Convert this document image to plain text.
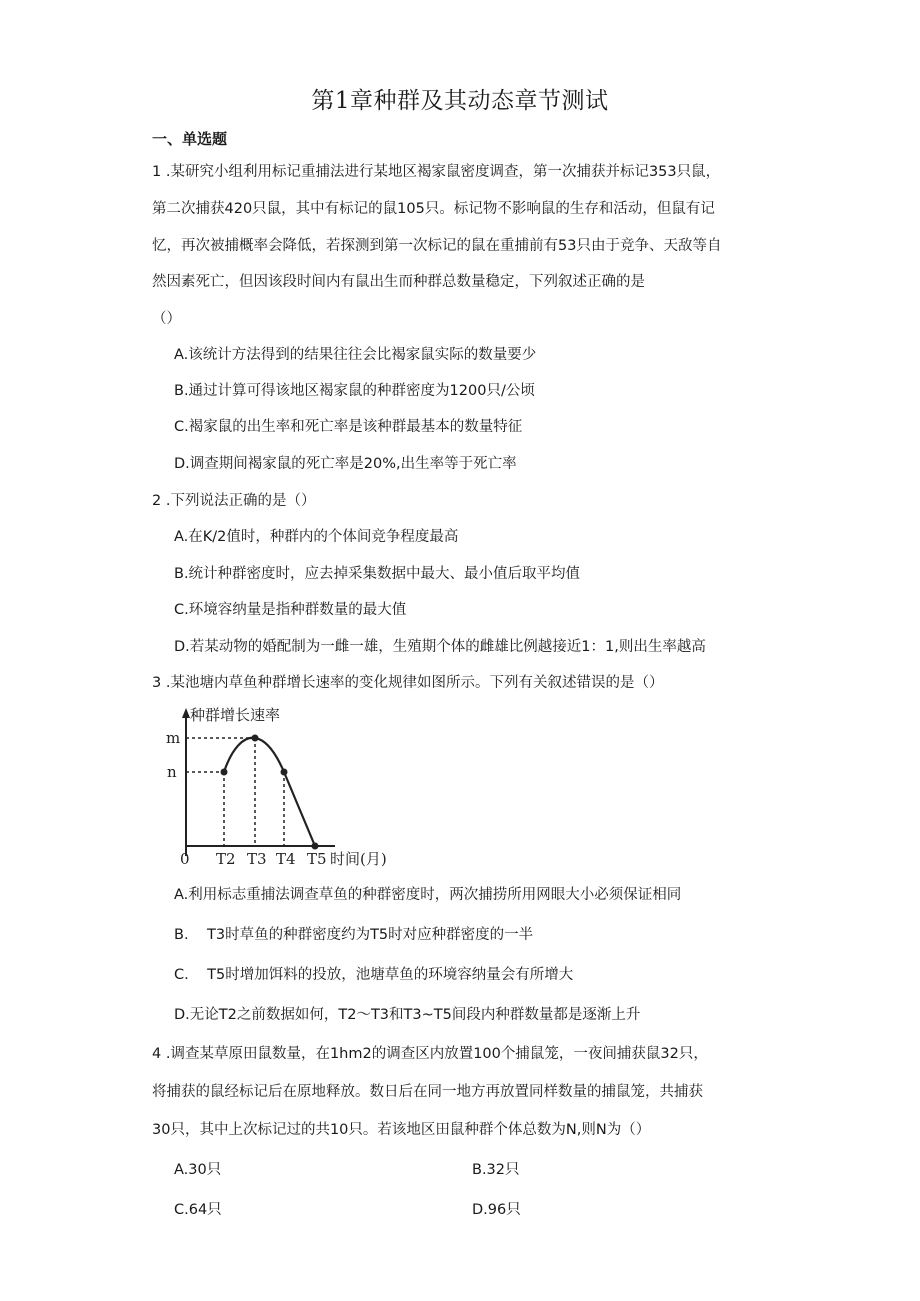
第1章种群及其动态章节测试
一、单选题
1 .某研究小组利用标记重捕法进行某地区褐家鼠密度调查，第一次捕获并标记353只鼠，
第二次捕获420只鼠，其中有标记的鼠105只。标记物不影响鼠的生存和活动，但鼠有记
忆，再次被捕概率会降低，若探测到第一次标记的鼠在重捕前有53只由于竞争、天敌等自
然因素死亡，但因该段时间内有鼠出生而种群总数量稳定，下列叙述正确的是
（）
A.该统计方法得到的结果往往会比褐家鼠实际的数量要少
B.通过计算可得该地区褐家鼠的种群密度为1200只/公顷
C.褐家鼠的出生率和死亡率是该种群最基本的数量特征
D.调查期间褐家鼠的死亡率是20%,出生率等于死亡率
2 .下列说法正确的是（）
A.在K/2值时，种群内的个体间竞争程度最高
B.统计种群密度时，应去掉采集数据中最大、最小值后取平均值
C.环境容纳量是指种群数量的最大值
D.若某动物的婚配制为一雌一雄，生殖期个体的雌雄比例越接近1：1,则出生率越高
3 .某池塘内草鱼种群增长速率的变化规律如图所示。下列有关叙述错误的是（）
种群增长速率
m
n
0 T2 T3 T4 T5 时间(月)
A.利用标志重捕法调查草鱼的种群密度时，两次捕捞所用网眼大小必须保证相同
B.    T3时草鱼的种群密度约为T5时对应种群密度的一半
C.    T5时增加饵料的投放，池塘草鱼的环境容纳量会有所增大
D.无论T2之前数据如何，T2〜T3和T3~T5间段内种群数量都是逐渐上升
4 .调查某草原田鼠数量，在1hm2的调查区内放置100个捕鼠笼，一夜间捕获鼠32只，
将捕获的鼠经标记后在原地释放。数日后在同一地方再放置同样数量的捕鼠笼，共捕获
30只，其中上次标记过的共10只。若该地区田鼠种群个体总数为N,则N为（）
A.30只	B.32只
C.64只	D.96只
